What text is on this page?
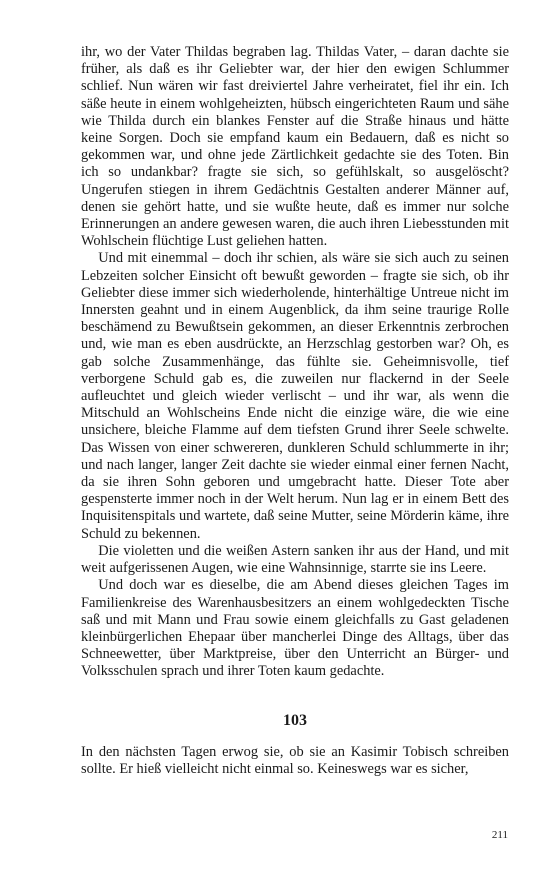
ihr, wo der Vater Thildas begraben lag. Thildas Vater, – daran dachte sie früher, als daß es ihr Geliebter war, der hier den ewigen Schlummer schlief. Nun wären wir fast dreiviertel Jahre verheiratet, fiel ihr ein. Ich säße heute in einem wohlgeheizten, hübsch eingerichteten Raum und sähe wie Thilda durch ein blankes Fenster auf die Straße hinaus und hätte keine Sorgen. Doch sie empfand kaum ein Bedauern, daß es nicht so gekommen war, und ohne jede Zärtlichkeit gedachte sie des Toten. Bin ich so undankbar? fragte sie sich, so gefühlskalt, so ausgelöscht? Ungerufen stiegen in ihrem Gedächtnis Gestalten anderer Männer auf, denen sie gehört hatte, und sie wußte heute, daß es immer nur solche Erinnerungen an andere gewesen waren, die auch ihren Liebesstunden mit Wohlschein flüchtige Lust geliehen hatten.

Und mit einemmal – doch ihr schien, als wäre sie sich auch zu seinen Lebzeiten solcher Einsicht oft bewußt geworden – fragte sie sich, ob ihr Geliebter diese immer sich wiederholende, hinterhältige Untreue nicht im Innersten geahnt und in einem Augenblick, da ihm seine traurige Rolle beschämend zu Bewußtsein gekommen, an dieser Erkenntnis zerbrochen und, wie man es eben ausdrückte, an Herzschlag gestorben war? Oh, es gab solche Zusammenhänge, das fühlte sie. Geheimnisvolle, tief verborgene Schuld gab es, die zuweilen nur flackernd in der Seele aufleuchtet und gleich wieder verlischt – und ihr war, als wenn die Mitschuld an Wohlscheins Ende nicht die einzige wäre, die wie eine unsichere, bleiche Flamme auf dem tiefsten Grund ihrer Seele schwelte. Das Wissen von einer schwereren, dunkleren Schuld schlummerte in ihr; und nach langer, langer Zeit dachte sie wieder einmal einer fernen Nacht, da sie ihren Sohn geboren und umgebracht hatte. Dieser Tote aber gespensterte immer noch in der Welt herum. Nun lag er in einem Bett des Inquisitenspitals und wartete, daß seine Mutter, seine Mörderin käme, ihre Schuld zu bekennen.

Die violetten und die weißen Astern sanken ihr aus der Hand, und mit weit aufgerissenen Augen, wie eine Wahnsinnige, starrte sie ins Leere.

Und doch war es dieselbe, die am Abend dieses gleichen Tages im Familienkreise des Warenhausbesitzers an einem wohlgedeckten Tische saß und mit Mann und Frau sowie einem gleichfalls zu Gast geladenen kleinbürgerlichen Ehepaar über mancherlei Dinge des Alltags, über das Schneewetter, über Marktpreise, über den Unterricht an Bürger- und Volksschulen sprach und ihrer Toten kaum gedachte.

103

In den nächsten Tagen erwog sie, ob sie an Kasimir Tobisch schreiben sollte. Er hieß vielleicht nicht einmal so. Keineswegs war es sicher,

211
